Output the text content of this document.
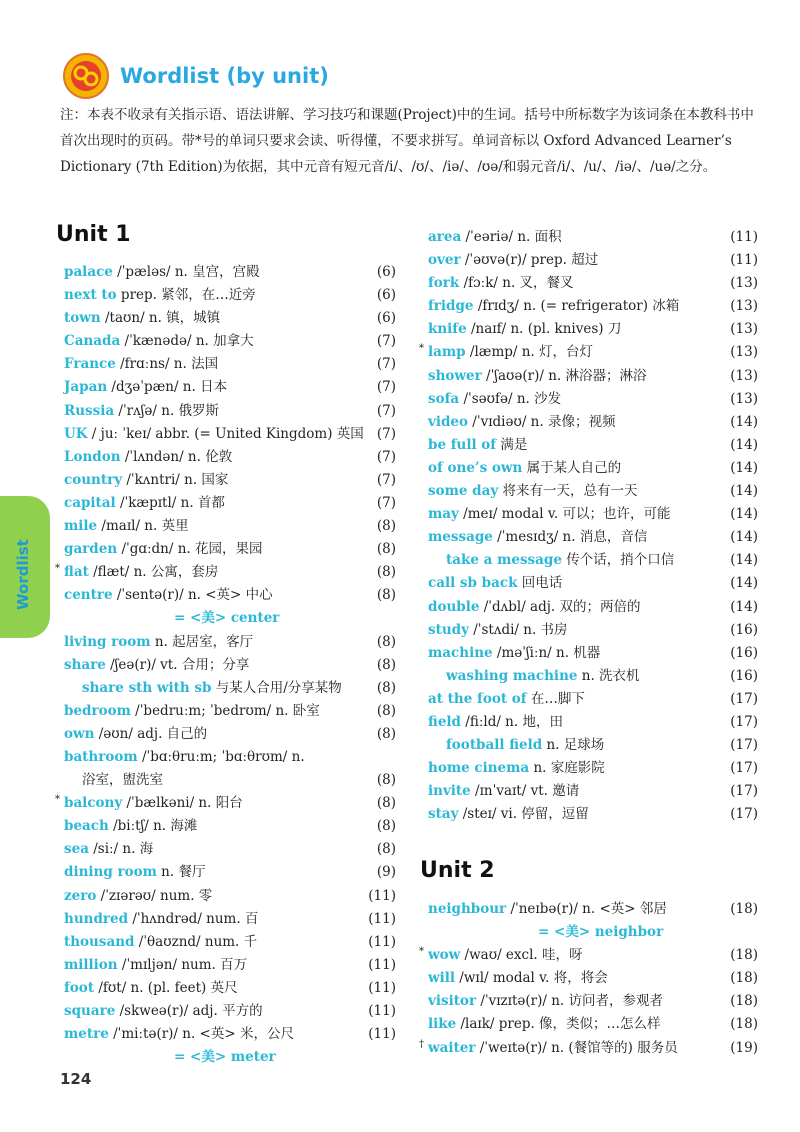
Wordlist (by unit)
注：本表不收录有关指示语、语法讲解、学习技巧和课题(Project)中的生词。括号中所标数字为该词条在本教科书中首次出现时的页码。带*号的单词只要求会读、听得懂，不要求拼写。单词音标以 Oxford Advanced Learner’s Dictionary (7th Edition)为依据，其中元音有短元音/i/、/ʊ/、/iə/、/ʊə/和弱元音/i/、/u/、/iə/、/uə/之分。
Unit 1
palace /ˈpæləs/ n. 皇宫，宫殿	(6)
next to prep. 紧邻，在…近旁	(6)
town /taʊn/ n. 镇，城镇	(6)
Canada /ˈkænədə/ n. 加拿大	(7)
France /frɑːns/ n. 法国	(7)
Japan /dʒəˈpæn/ n. 日本	(7)
Russia /ˈrʌʃə/ n. 俄罗斯	(7)
UK / juː ˈkeɪ/ abbr. (= United Kingdom) 英国 (7)
London /ˈlʌndən/ n. 伦敦	(7)
country /ˈkʌntri/ n. 国家	(7)
capital /ˈkæpɪtl/ n. 首都	(7)
mile /maɪl/ n. 英里	(8)
garden /ˈgɑːdn/ n. 花园，果园	(8)
* flat /flæt/ n. 公寓，套房	(8)
centre /ˈsentə(r)/ n. <英> 中心	(8)
= <美> center
living room n. 起居室，客厅	(8)
share /ʃeə(r)/ vt. 合用；分享	(8)
share sth with sb 与某人合用/分享某物	(8)
bedroom /ˈbedruːm; ˈbedrʊm/ n. 卧室	(8)
own /əʊn/ adj. 自己的	(8)
bathroom /ˈbɑːθruːm; ˈbɑːθrʊm/ n.
浴室，盥洗室	(8)
* balcony /ˈbælkəni/ n. 阳台	(8)
beach /biːtʃ/ n. 海滩	(8)
sea /siː/ n. 海	(8)
dining room n. 餐厅	(9)
zero /ˈzɪərəʊ/ num. 零	(11)
hundred /ˈhʌndrəd/ num. 百	(11)
thousand /ˈθaʊznd/ num. 千	(11)
million /ˈmɪljən/ num. 百万	(11)
foot /fʊt/ n. (pl. feet) 英尺	(11)
square /skweə(r)/ adj. 平方的	(11)
metre /ˈmiːtə(r)/ n. <英> 米，公尺	(11)
= <美> meter
area /ˈeəriə/ n. 面积	(11)
over /ˈəʊvə(r)/ prep. 超过	(11)
fork /fɔːk/ n. 叉，餐叉	(13)
fridge /frɪdʒ/ n. (= refrigerator) 冰箱	(13)
knife /naɪf/ n. (pl. knives) 刀	(13)
* lamp /læmp/ n. 灯，台灯	(13)
shower /ˈʃaʊə(r)/ n. 淋浴器；淋浴	(13)
sofa /ˈsəʊfə/ n. 沙发	(13)
video /ˈvɪdiəʊ/ n. 录像；视频	(14)
be full of 满是	(14)
of one’s own 属于某人自己的	(14)
some day 将来有一天，总有一天	(14)
may /meɪ/ modal v. 可以；也许，可能	(14)
message /ˈmesɪdʒ/ n. 消息，音信	(14)
take a message 传个话，捎个口信	(14)
call sb back 回电话	(14)
double /ˈdʌbl/ adj. 双的；两倍的	(14)
study /ˈstʌdi/ n. 书房	(16)
machine /məˈʃiːn/ n. 机器	(16)
washing machine n. 洗衣机	(16)
at the foot of 在…脚下	(17)
field /fiːld/ n. 地，田	(17)
football field n. 足球场	(17)
home cinema n. 家庭影院	(17)
invite /ɪnˈvaɪt/ vt. 邀请	(17)
stay /steɪ/ vi. 停留，逗留	(17)
Unit 2
neighbour /ˈneɪbə(r)/ n. <英> 邻居	(18)
= <美> neighbor
* wow /waʊ/ excl. 哇，呀	(18)
will /wɪl/ modal v. 将，将会	(18)
visitor /ˈvɪzɪtə(r)/ n. 访问者，参观者	(18)
like /laɪk/ prep. 像，类似；…怎么样	(18)
† waiter /ˈweɪtə(r)/ n. (餐馆等的) 服务员	(19)
Wordlist
124
